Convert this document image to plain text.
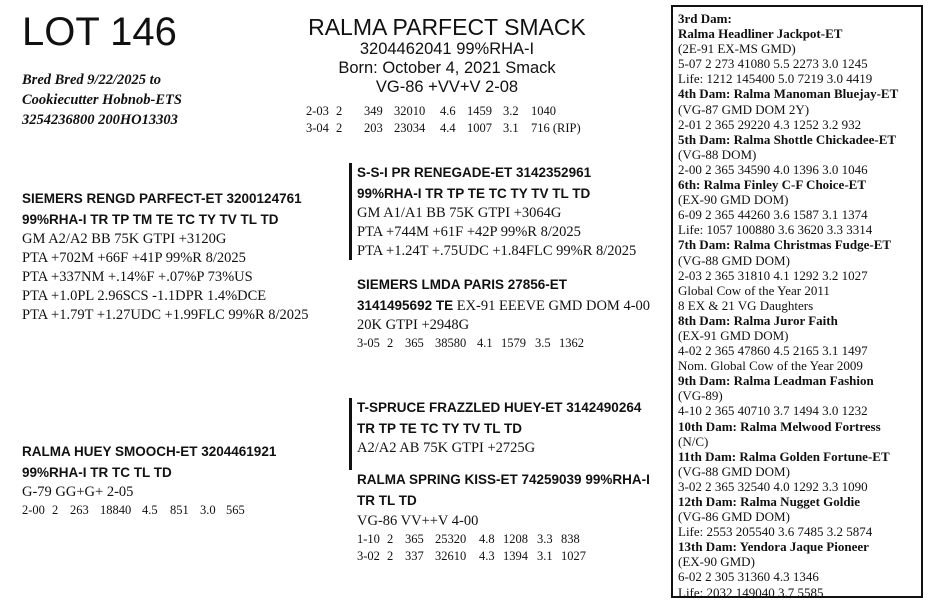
LOT 146
Bred Bred 9/22/2025 to
Cookiecutter Hobnob-ETS
3254236800 200HO13303
RALMA PARFECT SMACK
3204462041 99%RHA-I
Born: October 4, 2021 Smack
VG-86 +VV+V 2-08
2-03 2	349 32010	4.6 1459 3.2 1040
3-04 2	203 23034	4.4 1007 3.1 716 (RIP)
SIEMERS RENGD PARFECT-ET 3200124761
99%RHA-I TR TP TM TE TC TY TV TL TD
GM A2/A2 BB 75K GTPI +3120G
PTA +702M +66F +41P 99%R 8/2025
PTA +337NM +.14%F +.07%P 73%US
PTA +1.0PL 2.96SCS -1.1DPR 1.4%DCE
PTA +1.79T +1.27UDC +1.99FLC 99%R 8/2025
S-S-I PR RENEGADE-ET 3142352961
99%RHA-I TR TP TE TC TY TV TL TD
GM A1/A1 BB 75K GTPI +3064G
PTA +744M +61F +42P 99%R 8/2025
PTA +1.24T +.75UDC +1.84FLC 99%R 8/2025
SIEMERS LMDA PARIS 27856-ET
3141495692 TE EX-91 EEEVE GMD DOM 4-00
20K GTPI +2948G
3-05 2 365 38580 4.1 1579 3.5 1362
RALMA HUEY SMOOCH-ET 3204461921
99%RHA-I TR TC TL TD
G-79 GG+G+ 2-05
2-00 2 263 18840 4.5 851 3.0 565
T-SPRUCE FRAZZLED HUEY-ET 3142490264
TR TP TE TC TY TV TL TD
A2/A2 AB 75K GTPI +2725G
RALMA SPRING KISS-ET 74259039 99%RHA-I
TR TL TD
VG-86 VV++V 4-00
1-10 2 365 25320	4.8 1208 3.3 838
3-02 2 337 32610	4.3 1394 3.1 1027
3rd Dam:
Ralma Headliner Jackpot-ET
(2E-91 EX-MS GMD)
5-07 2 273 41080 5.5 2273 3.0 1245
Life: 1212 145400 5.0 7219 3.0 4419
4th Dam: Ralma Manoman Bluejay-ET
(VG-87 GMD DOM 2Y)
2-01 2 365 29220 4.3 1252 3.2 932
5th Dam: Ralma Shottle Chickadee-ET
(VG-88 DOM)
2-00 2 365 34590 4.0 1396 3.0 1046
6th: Ralma Finley C-F Choice-ET
(EX-90 GMD DOM)
6-09 2 365 44260 3.6 1587 3.1 1374
Life: 1057 100880 3.6 3620 3.3 3314
7th Dam: Ralma Christmas Fudge-ET
(VG-88 GMD DOM)
2-03 2 365 31810 4.1 1292 3.2 1027
Global Cow of the Year 2011
8 EX & 21 VG Daughters
8th Dam: Ralma Juror Faith
(EX-91 GMD DOM)
4-02 2 365 47860 4.5 2165 3.1 1497
Nom. Global Cow of the Year 2009
9th Dam: Ralma Leadman Fashion
(VG-89)
4-10 2 365 40710 3.7 1494 3.0 1232
10th Dam: Ralma Melwood Fortress
(N/C)
11th Dam: Ralma Golden Fortune-ET
(VG-88 GMD DOM)
3-02 2 365 32540 4.0 1292 3.3 1090
12th Dam: Ralma Nugget Goldie
(VG-86 GMD DOM)
Life: 2553 205540 3.6 7485 3.2 5874
13th Dam: Yendora Jaque Pioneer
(EX-90 GMD)
6-02 2 305 31360 4.3 1346
Life: 2032 149040 3.7 5585
